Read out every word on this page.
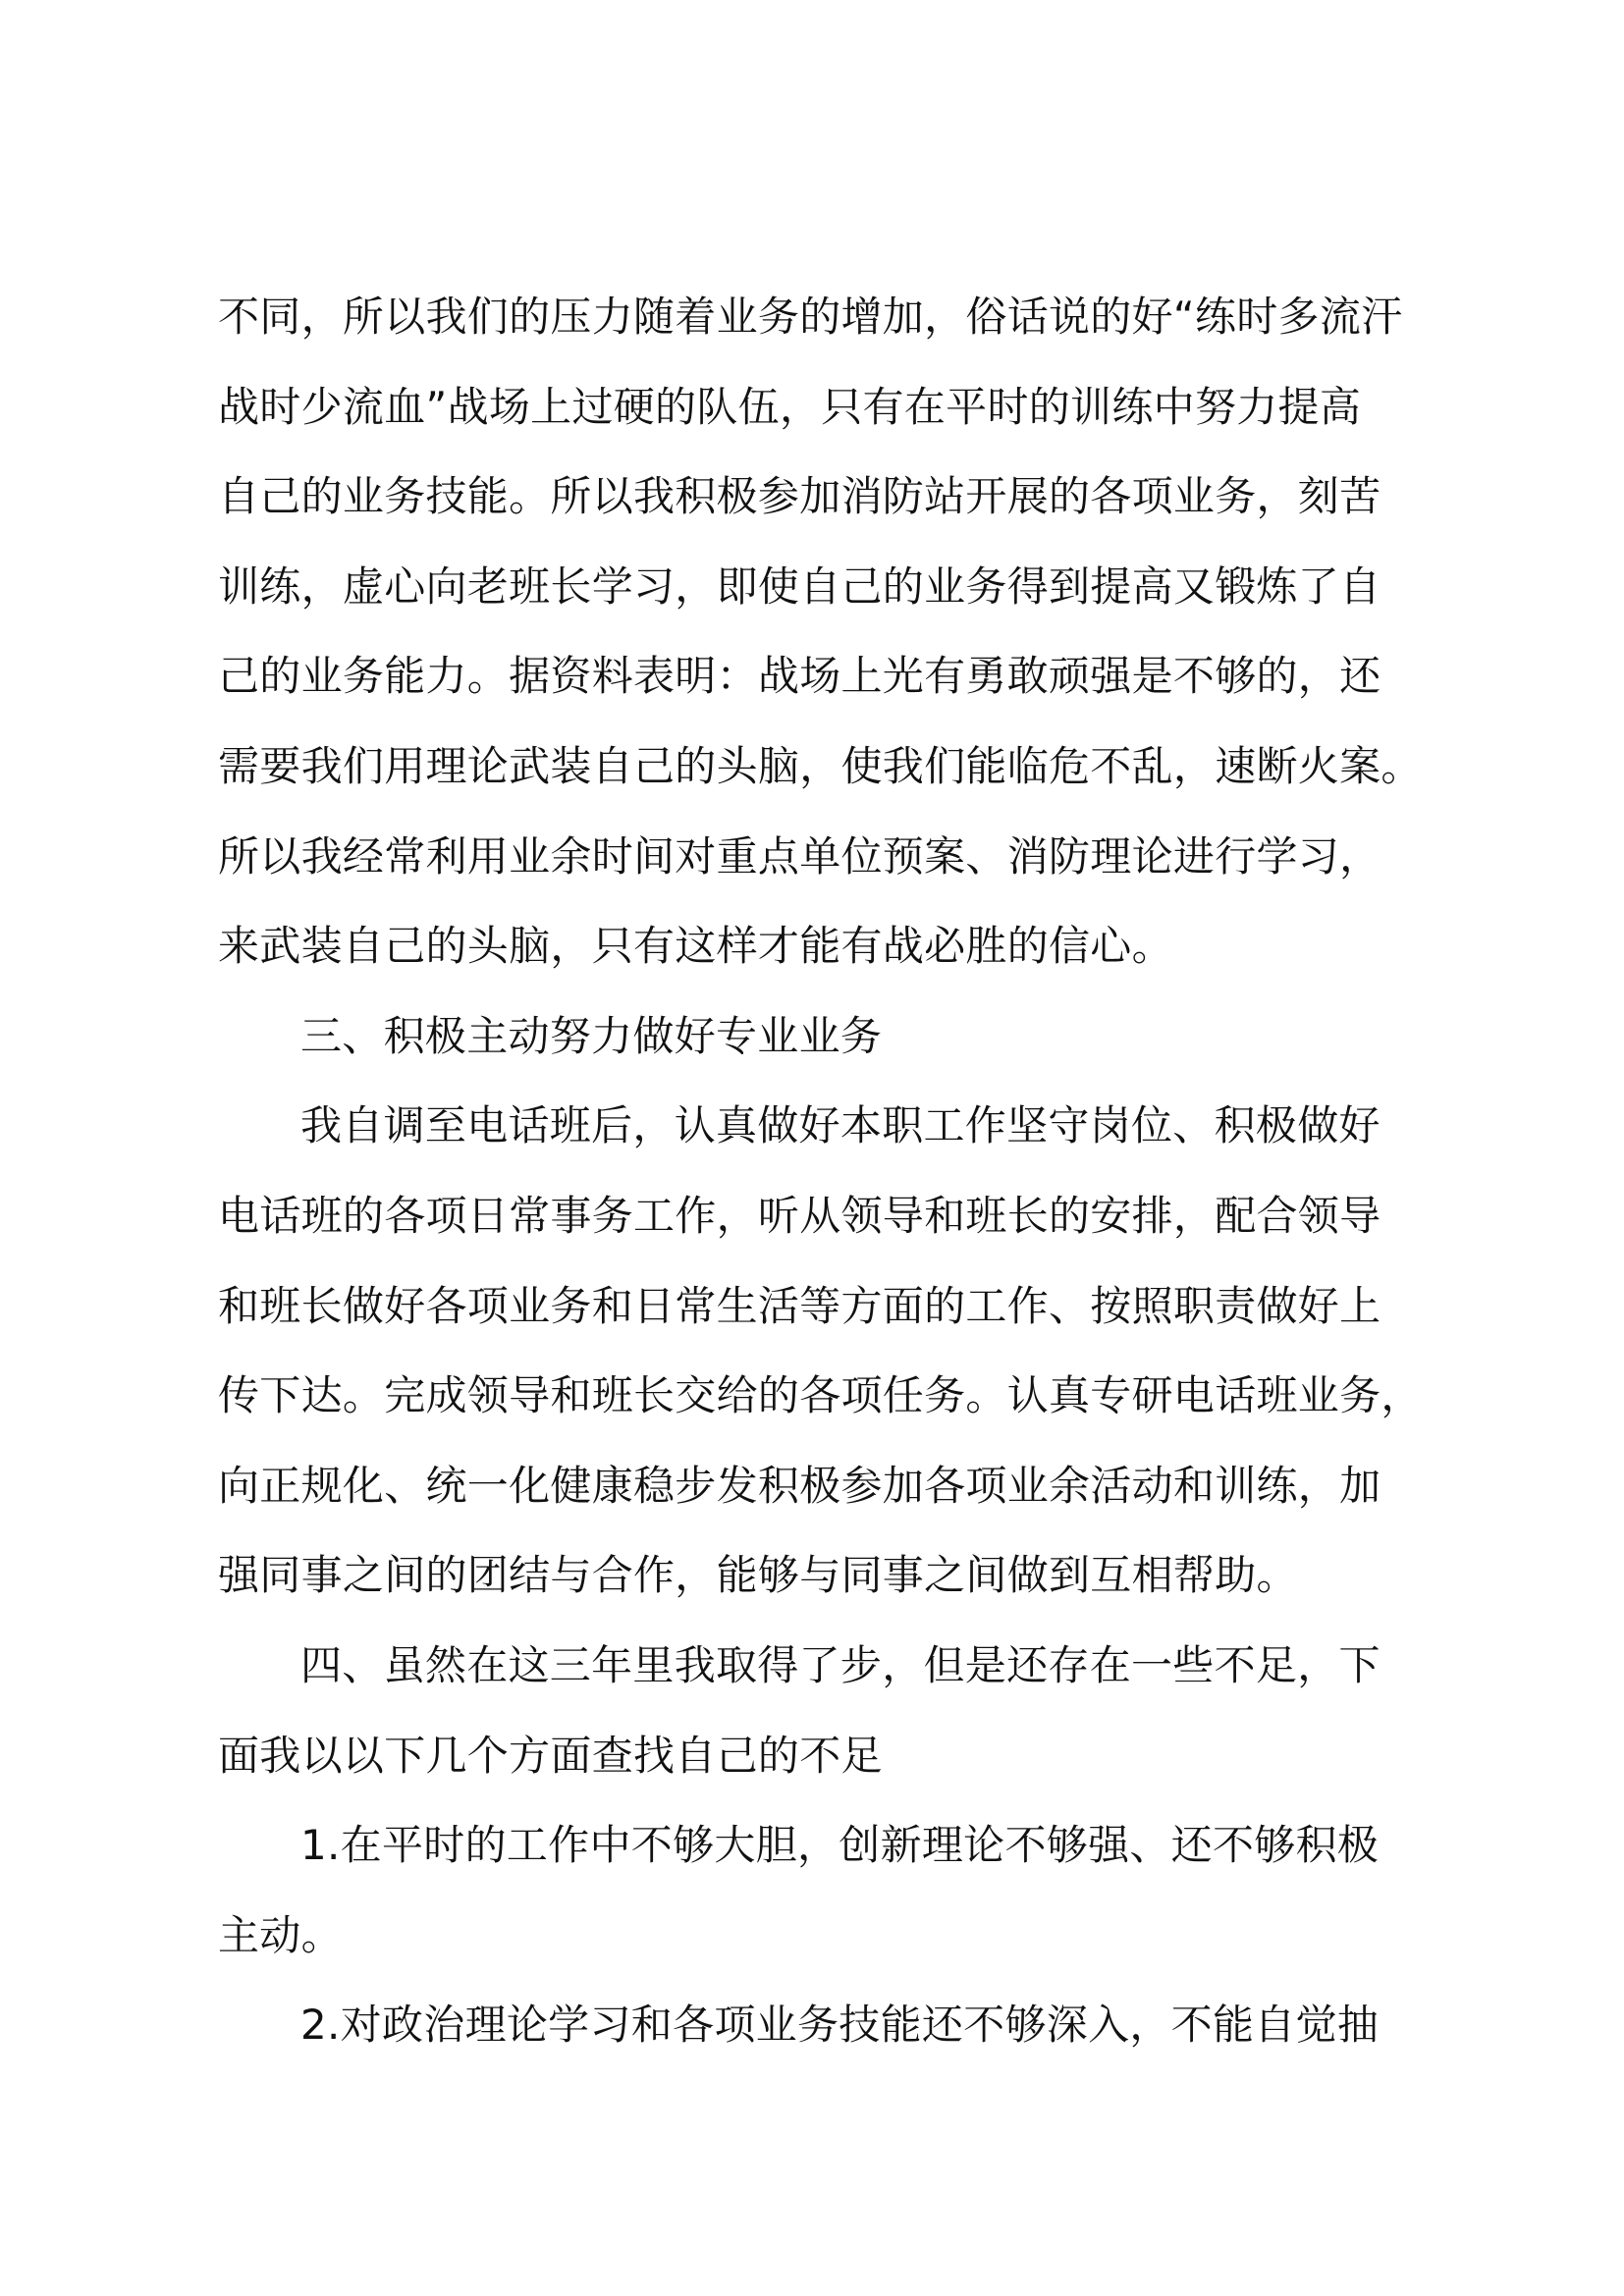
不同，所以我们的压力随着业务的增加，俗话说的好“练时多流汗
战时少流血”战场上过硬的队伍，只有在平时的训练中努力提高
自己的业务技能。所以我积极参加消防站开展的各项业务，刻苦
训练，虚心向老班长学习，即使自己的业务得到提高又锻炼了自
己的业务能力。据资料表明：战场上光有勇敢顽强是不够的，还
需要我们用理论武装自己的头脑，使我们能临危不乱，速断火案。
所以我经常利用业余时间对重点单位预案、消防理论进行学习，
来武装自己的头脑，只有这样才能有战必胜的信心。
三、积极主动努力做好专业业务
我自调至电话班后，认真做好本职工作坚守岗位、积极做好
电话班的各项日常事务工作，听从领导和班长的安排，配合领导
和班长做好各项业务和日常生活等方面的工作、按照职责做好上
传下达。完成领导和班长交给的各项任务。认真专研电话班业务，
向正规化、统一化健康稳步发积极参加各项业余活动和训练，加
强同事之间的团结与合作，能够与同事之间做到互相帮助。
四、虽然在这三年里我取得了步，但是还存在一些不足，下
面我以以下几个方面查找自己的不足
1.在平时的工作中不够大胆，创新理论不够强、还不够积极
主动。
2.对政治理论学习和各项业务技能还不够深入，不能自觉抽
